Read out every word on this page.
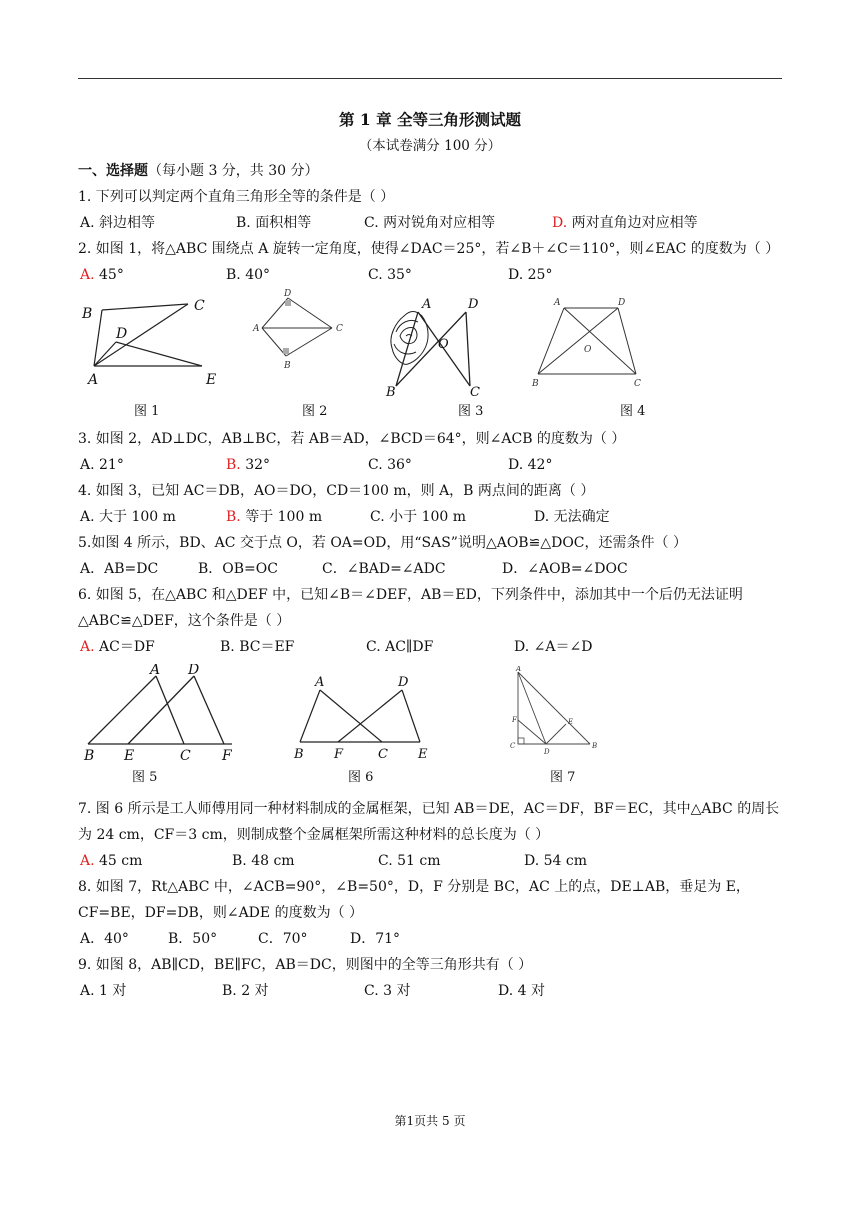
第 1 章 全等三角形测试题
（本试卷满分 100 分）
一、选择题（每小题 3 分，共 30 分）
1. 下列可以判定两个直角三角形全等的条件是（ ）
A. 斜边相等	B. 面积相等	C. 两对锐角对应相等	D. 两对直角边对应相等
2. 如图 1，将△ABC 围绕点 A 旋转一定角度，使得∠DAC＝25°，若∠B＋∠C＝110°，则∠EAC 的度数为（ ）
A. 45°	B. 40°	C. 35°	D. 25°
B	C
D
A	E
图 1
D
A	C
B
图 2
A	D
O
B	C
图 3
A	D
O
B	C
图 4
3. 如图 2，AD⊥DC，AB⊥BC，若 AB＝AD，∠BCD＝64°，则∠ACB 的度数为（ ）
A. 21°	B. 32°	C. 36°	D. 42°
4. 如图 3，已知 AC＝DB，AO＝DO，CD＝100 m，则 A，B 两点间的距离（ ）
A. 大于 100 m	B. 等于 100 m	C. 小于 100 m	D. 无法确定
5.如图 4 所示，BD、AC 交于点 O，若 OA=OD，用“SAS”说明△AOB≌△DOC，还需条件（ ）
A．AB=DC	B．OB=OC	C．∠BAD=∠ADC	D．∠AOB=∠DOC
6. 如图 5，在△ABC 和△DEF 中，已知∠B＝∠DEF，AB＝ED，下列条件中，添加其中一个后仍无法证明△ABC≌△DEF，这个条件是（ ）
A. AC＝DF	B. BC＝EF	C. AC∥DF	D. ∠A＝∠D
A D
B E	C F
图 5
A	D
B F	C E
图 6
A
F	E
C
D
B
图 7
7. 图 6 所示是工人师傅用同一种材料制成的金属框架，已知 AB＝DE，AC＝DF，BF＝EC，其中△ABC 的周长为 24 cm，CF＝3 cm，则制成整个金属框架所需这种材料的总长度为（ ）
A. 45 cm	B. 48 cm	C. 51 cm	D. 54 cm
8. 如图 7，Rt△ABC 中，∠ACB=90°，∠B=50°，D，F 分别是 BC，AC 上的点，DE⊥AB，垂足为 E，CF=BE，DF=DB，则∠ADE 的度数为（ ）
A．40°	B．50°	C．70°	D．71°
9. 如图 8，AB∥CD，BE∥FC，AB＝DC，则图中的全等三角形共有（ ）
A. 1 对	B. 2 对	C. 3 对	D. 4 对
第1页共 5 页
